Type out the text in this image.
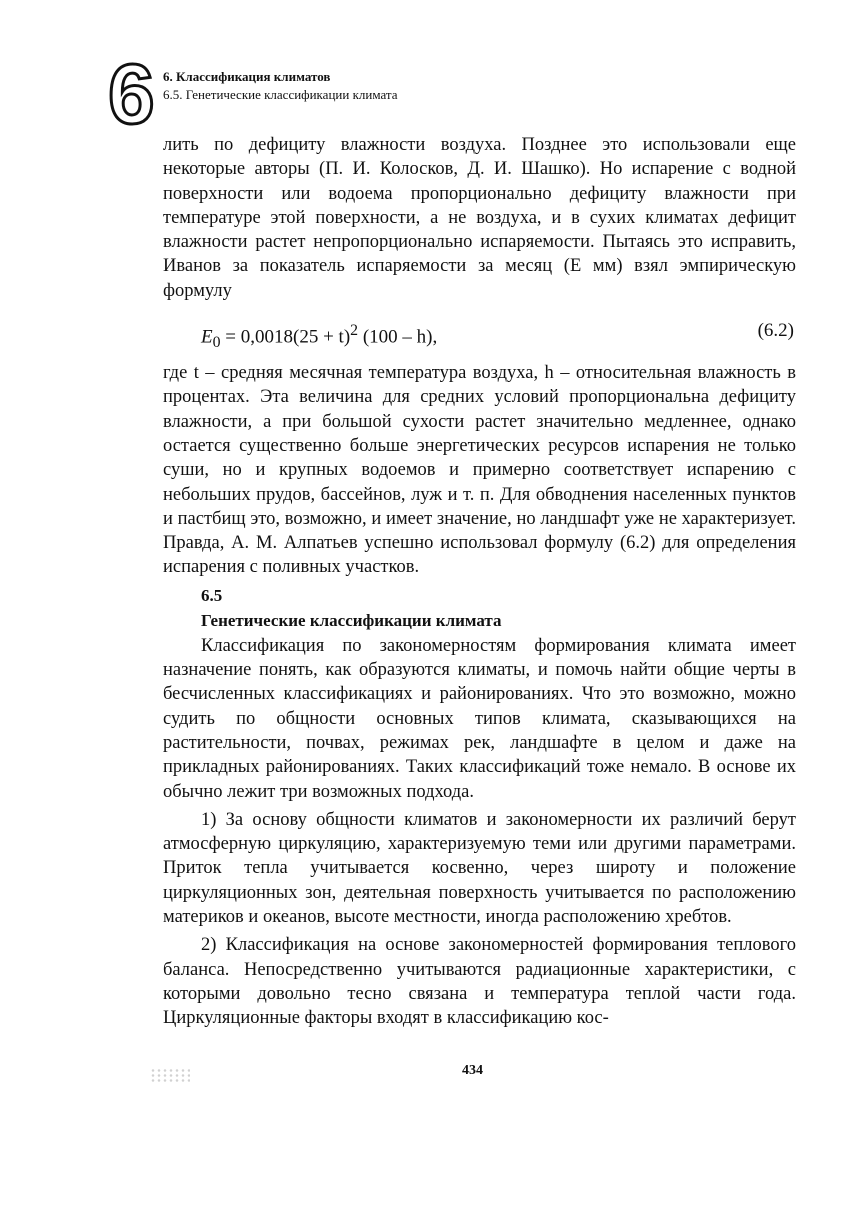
6 6. Классификация климатов
6.5. Генетические классификации климата

лить по дефициту влажности воздуха. Позднее это использовали еще некоторые авторы (П. И. Колосков, Д. И. Шашко). Но испарение с водной поверхности или водоема пропорционально дефициту влажности при температуре этой поверхности, а не воздуха, и в сухих климатах дефицит влажности растет непропорционально испаряемости. Пытаясь это исправить, Иванов за показатель испаряемости за месяц (E мм) взял эмпирическую формулу

$E_0 = 0,0018(25 + t)^2$ (100 – h),	(6.2)

где t – средняя месячная температура воздуха, h – относительная влажность в процентах. Эта величина для средних условий пропорциональна дефициту влажности, а при большой сухости растет значительно медленнее, однако остается существенно больше энергетических ресурсов испарения не только суши, но и крупных водоемов и примерно соответствует испарению с небольших прудов, бассейнов, луж и т. п. Для обводнения населенных пунктов и пастбищ это, возможно, и имеет значение, но ландшафт уже не характеризует. Правда, А. М. Алпатьев успешно использовал формулу (6.2) для определения испарения с поливных участков.

6.5

Генетические классификации климата

Классификация по закономерностям формирования климата имеет назначение понять, как образуются климаты, и помочь найти общие черты в бесчисленных классификациях и районированиях. Что это возможно, можно судить по общности основных типов климата, сказывающихся на растительности, почвах, режимах рек, ландшафте в целом и даже на прикладных районированиях. Таких классификаций тоже немало. В основе их обычно лежит три возможных подхода.

1) За основу общности климатов и закономерности их различий берут атмосферную циркуляцию, характеризуемую теми или другими параметрами. Приток тепла учитывается косвенно, через широту и положение циркуляционных зон, деятельная поверхность учитывается по расположению материков и океанов, высоте местности, иногда расположению хребтов.

2) Классификация на основе закономерностей формирования теплового баланса. Непосредственно учитываются радиационные характеристики, с которыми довольно тесно связана и температура теплой части года. Циркуляционные факторы входят в классификацию кос-

434
